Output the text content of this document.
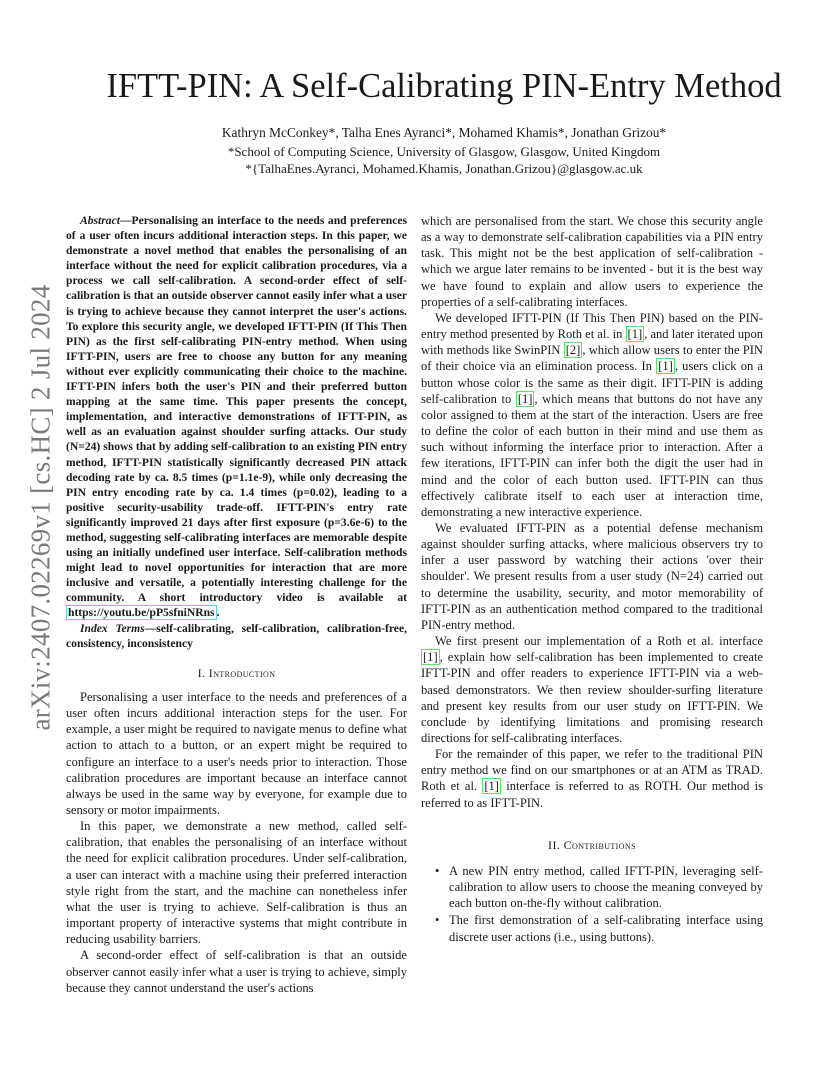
arXiv:2407.02269v1 [cs.HC] 2 Jul 2024
IFTT-PIN: A Self-Calibrating PIN-Entry Method
Kathryn McConkey*, Talha Enes Ayranci*, Mohamed Khamis*, Jonathan Grizou*
*School of Computing Science, University of Glasgow, Glasgow, United Kingdom
*{TalhaEnes.Ayranci, Mohamed.Khamis, Jonathan.Grizou}@glasgow.ac.uk

Abstract—Personalising an interface to the needs and preferences of a user often incurs additional interaction steps. In this paper, we demonstrate a novel method that enables the personalising of an interface without the need for explicit calibration procedures, via a process we call self-calibration. A second-order effect of self-calibration is that an outside observer cannot easily infer what a user is trying to achieve because they cannot interpret the user's actions. To explore this security angle, we developed IFTT-PIN (If This Then PIN) as the first self-calibrating PIN-entry method. When using IFTT-PIN, users are free to choose any button for any meaning without ever explicitly communicating their choice to the machine. IFTT-PIN infers both the user's PIN and their preferred button mapping at the same time. This paper presents the concept, implementation, and interactive demonstrations of IFTT-PIN, as well as an evaluation against shoulder surfing attacks. Our study (N=24) shows that by adding self-calibration to an existing PIN entry method, IFTT-PIN statistically significantly decreased PIN attack decoding rate by ca. 8.5 times (p=1.1e-9), while only decreasing the PIN entry encoding rate by ca. 1.4 times (p=0.02), leading to a positive security-usability trade-off. IFTT-PIN's entry rate significantly improved 21 days after first exposure (p=3.6e-6) to the method, suggesting self-calibrating interfaces are memorable despite using an initially undefined user interface. Self-calibration methods might lead to novel opportunities for interaction that are more inclusive and versatile, a potentially interesting challenge for the community. A short introductory video is available at https://youtu.be/pP5sfniNRns .

Index Terms—self-calibrating, self-calibration, calibration-free, consistency, inconsistency

I. Introduction

Personalising a user interface to the needs and preferences of a user often incurs additional interaction steps for the user. For example, a user might be required to navigate menus to define what action to attach to a button, or an expert might be required to configure an interface to a user's needs prior to interaction. Those calibration procedures are important because an interface cannot always be used in the same way by everyone, for example due to sensory or motor impairments.

In this paper, we demonstrate a new method, called self-calibration, that enables the personalising of an interface without the need for explicit calibration procedures. Under self-calibration, a user can interact with a machine using their preferred interaction style right from the start, and the machine can nonetheless infer what the user is trying to achieve. Self-calibration is thus an important property of interactive systems that might contribute in reducing usability barriers.

A second-order effect of self-calibration is that an outside observer cannot easily infer what a user is trying to achieve, simply because they cannot understand the user's actions

which are personalised from the start. We chose this security angle as a way to demonstrate self-calibration capabilities via a PIN entry task. This might not be the best application of self-calibration - which we argue later remains to be invented - but it is the best way we have found to explain and allow users to experience the properties of a self-calibrating interfaces.

We developed IFTT-PIN (If This Then PIN) based on the PIN-entry method presented by Roth et al. in [1] , and later iterated upon with methods like SwinPIN [2] , which allow users to enter the PIN of their choice via an elimination process. In [1] , users click on a button whose color is the same as their digit. IFTT-PIN is adding self-calibration to [1] , which means that buttons do not have any color assigned to them at the start of the interaction. Users are free to define the color of each button in their mind and use them as such without informing the interface prior to interaction. After a few iterations, IFTT-PIN can infer both the digit the user had in mind and the color of each button used. IFTT-PIN can thus effectively calibrate itself to each user at interaction time, demonstrating a new interactive experience.

We evaluated IFTT-PIN as a potential defense mechanism against shoulder surfing attacks, where malicious observers try to infer a user password by watching their actions 'over their shoulder'. We present results from a user study (N=24) carried out to determine the usability, security, and motor memorability of IFTT-PIN as an authentication method compared to the traditional PIN-entry method.

We first present our implementation of a Roth et al. interface [1] , explain how self-calibration has been implemented to create IFTT-PIN and offer readers to experience IFTT-PIN via a web-based demonstrators. We then review shoulder-surfing literature and present key results from our user study on IFTT-PIN. We conclude by identifying limitations and promising research directions for self-calibrating interfaces.

For the remainder of this paper, we refer to the traditional PIN entry method we find on our smartphones or at an ATM as TRAD. Roth et al. [1] interface is referred to as ROTH. Our method is referred to as IFTT-PIN.

II. Contributions
• A new PIN entry method, called IFTT-PIN, leveraging self-calibration to allow users to choose the meaning conveyed by each button on-the-fly without calibration.
• The first demonstration of a self-calibrating interface using discrete user actions (i.e., using buttons).
